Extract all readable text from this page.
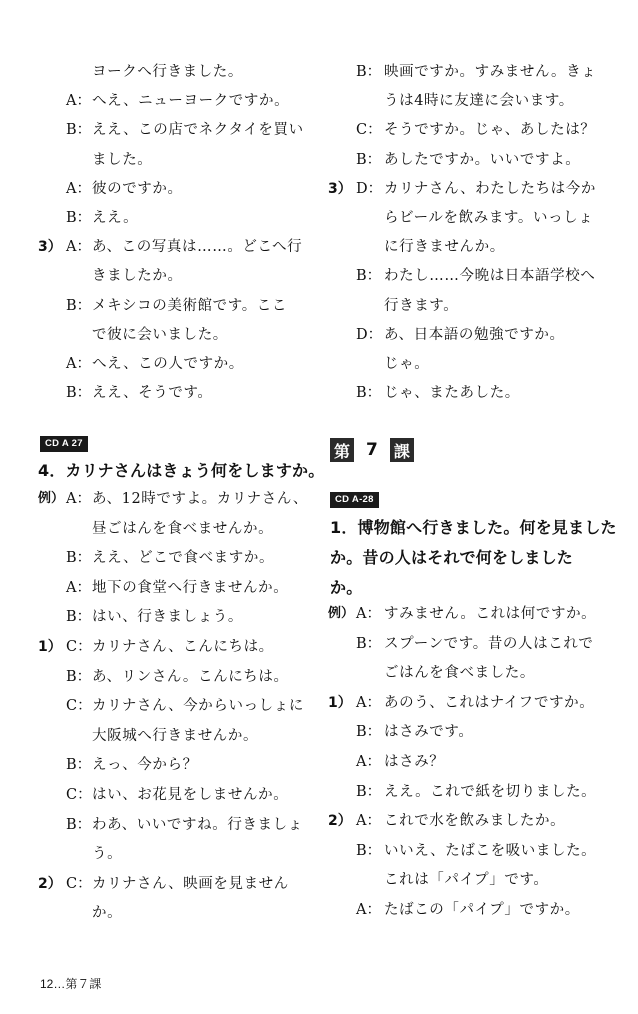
ヨークへ行きました。
A： へえ、ニューヨークですか。
B： ええ、この店でネクタイを買い
ました。
A： 彼のですか。
B： ええ。
3） A： あ、この写真は……。どこへ行
きましたか。
B： メキシコの美術館です。ここ
で彼に会いました。
A： へえ、この人ですか。
B： ええ、そうです。
CD A 27
4．カリナさんはきょう何をしますか。
例） A： あ、12時ですよ。カリナさん、
昼ごはんを食べませんか。
B： ええ、どこで食べますか。
A： 地下の食堂へ行きませんか。
B： はい、行きましょう。
1） C： カリナさん、こんにちは。
B： あ、リンさん。こんにちは。
C： カリナさん、今からいっしょに
大阪城へ行きませんか。
B： えっ、今から？
C： はい、お花見をしませんか。
B： わあ、いいですね。行きましょ
う。
2） C： カリナさん、映画を見ません
か。
B： 映画ですか。すみません。きょ
うは4時に友達に会います。
C： そうですか。じゃ、あしたは？
B： あしたですか。いいですよ。
3） D： カリナさん、わたしたちは今か
らビールを飲みます。いっしょ
に行きませんか。
B： わたし……今晩は日本語学校へ
行きます。
D： あ、日本語の勉強ですか。
じゃ。
B： じゃ、またあした。
CD A-28
1．博物館へ行きました。何を見ました
か。昔の人はそれで何をしました
か。
例） A： すみません。これは何ですか。
B： スプーンです。昔の人はこれで
ごはんを食べました。
1） A： あのう、これはナイフですか。
B： はさみです。
A： はさみ？
B： ええ。これで紙を切りました。
2） A： これで水を飲みましたか。
B： いいえ、たばこを吸いました。
これは「パイプ」です。
A： たばこの「パイプ」ですか。
第 7 課
12…第７課
